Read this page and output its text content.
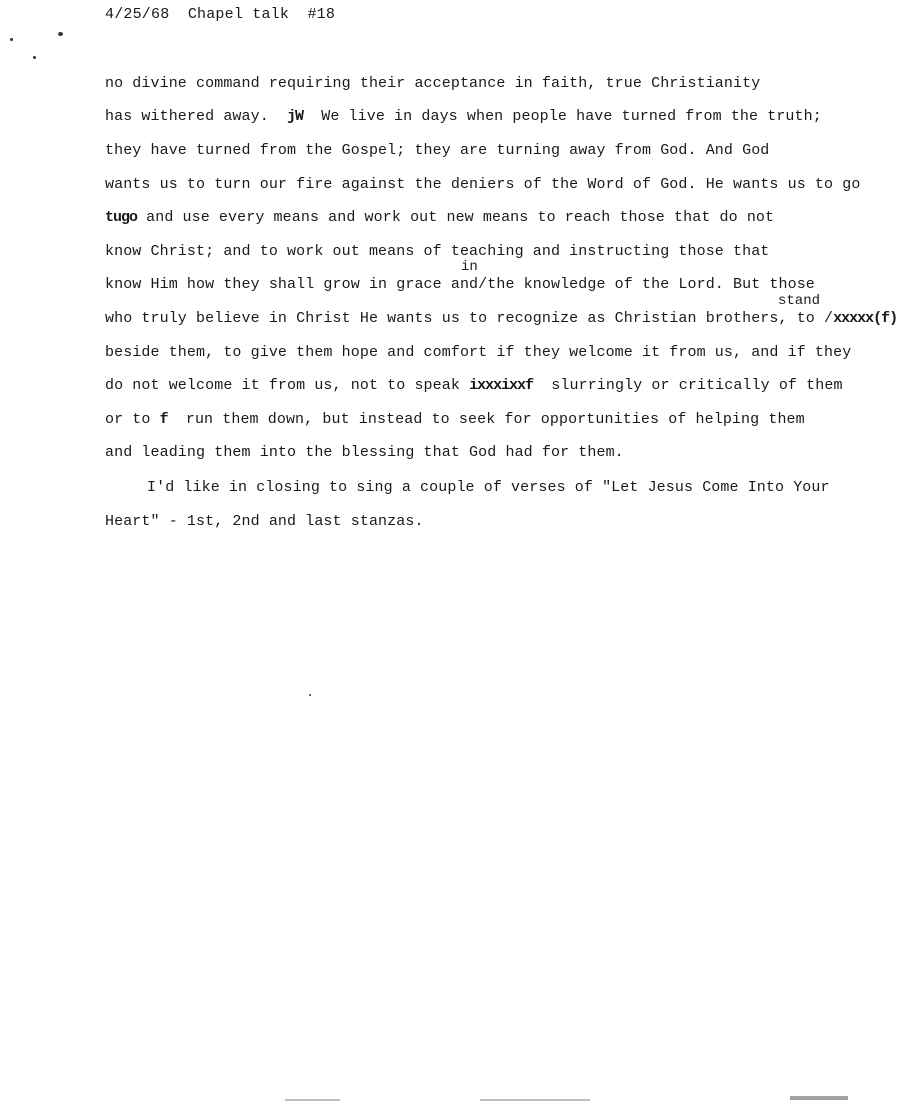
4/25/68 Chapel talk #18
no divine command requiring their acceptance in faith, true Christianity
has withered away. jW We live in days when people have turned from the truth;
they have turned from the Gospel; they are turning away from God. And God
wants us to turn our fire against the deniers of the Word of God. He wants us to go
tugo and use every means and work out new means to reach those that do not
know Christ; and to work out means of teaching and instructing those that
in
know Him how they shall grow in grace and/the knowledge of the Lord. But those
stand
who truly believe in Christ He wants us to recognize as Christian brothers, to /xxxxx(f)
beside them, to give them hope and comfort if they welcome it from us, and if they
do not welcome it from us, not to speak ixxxixxf slurringly or critically of them
or to f run them down, but instead to seek for opportunities of helping them
and leading them into the blessing that God had for them.
I'd like in closing to sing a couple of verses of "Let Jesus Come Into Your
Heart" - 1st, 2nd and last stanzas.
